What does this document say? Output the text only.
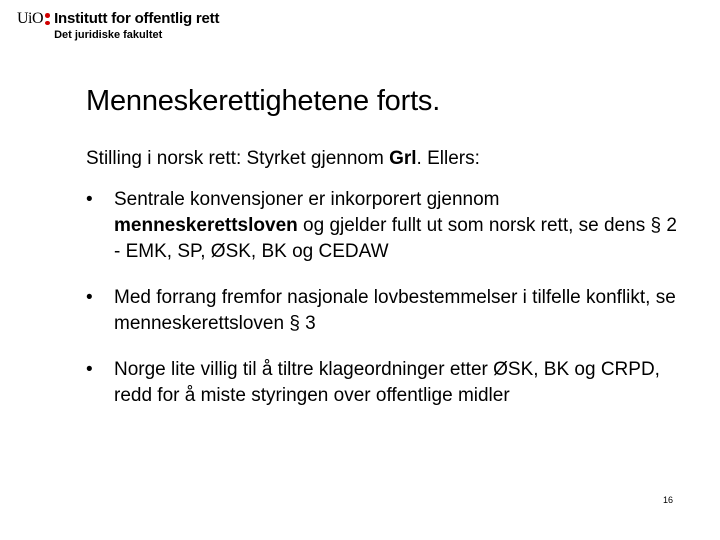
UiO Institutt for offentlig rett
Det juridiske fakultet
Menneskerettighetene forts.
Stilling i norsk rett: Styrket gjennom Grl. Ellers:
• Sentrale konvensjoner er inkorporert gjennom menneskerettsloven og gjelder fullt ut som norsk rett, se dens § 2 - EMK, SP, ØSK, BK og CEDAW
• Med forrang fremfor nasjonale lovbestemmelser i tilfelle konflikt, se menneskerettsloven § 3
• Norge lite villig til å tiltre klageordninger etter ØSK, BK og CRPD, redd for å miste styringen over offentlige midler
16
